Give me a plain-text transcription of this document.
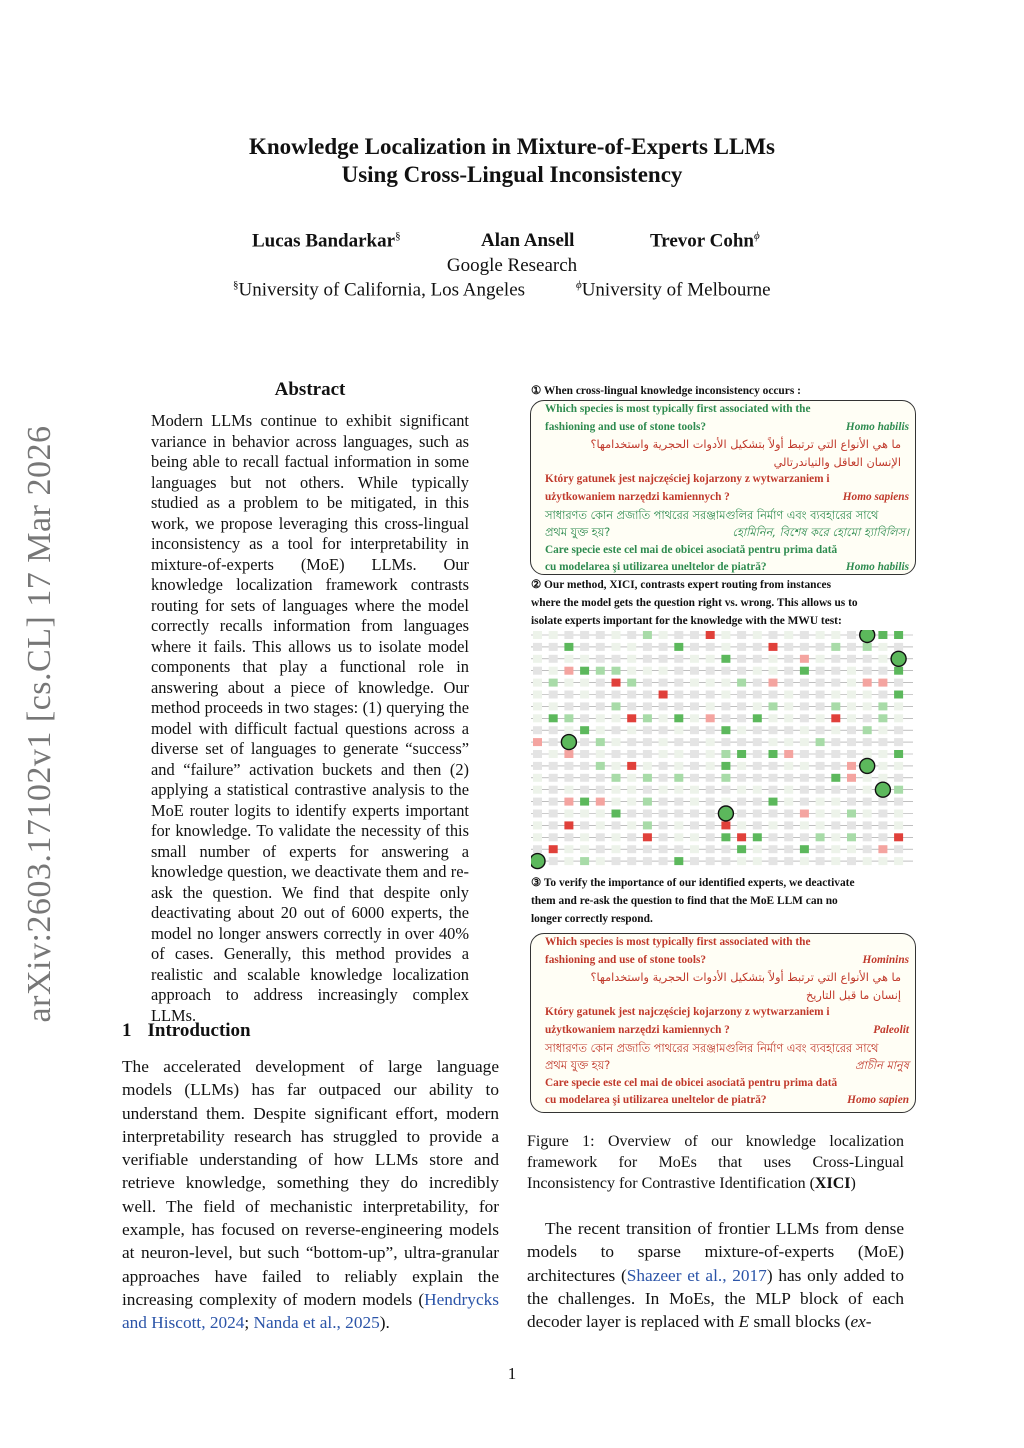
Knowledge Localization in Mixture-of-Experts LLMs
Using Cross-Lingual Inconsistency
Lucas Bandarkar§	Alan Ansell	Trevor Cohn$^\phi$
Google Research
§University of California, Los Angeles	$^\phi$University of Melbourne
arXiv:2603.17102v1 [cs.CL] 17 Mar 2026
Abstract
Modern LLMs continue to exhibit significant variance in behavior across languages, such as being able to recall factual information in some languages but not others. While typically studied as a problem to be mitigated, in this work, we propose leveraging this cross-lingual inconsistency as a tool for interpretability in mixture-of-experts (MoE) LLMs. Our knowledge localization framework contrasts routing for sets of languages where the model correctly recalls information from languages where it fails. This allows us to isolate model components that play a functional role in answering about a piece of knowledge. Our method proceeds in two stages: (1) querying the model with difficult factual questions across a diverse set of languages to generate “success” and “failure” activation buckets and then (2) applying a statistical contrastive analysis to the MoE router logits to identify experts important for knowledge. To validate the necessity of this small number of experts for answering a knowledge question, we deactivate them and re-ask the question. We find that despite only deactivating about 20 out of 6000 experts, the model no longer answers correctly in over 40% of cases. Generally, this method provides a realistic and scalable knowledge localization approach to address increasingly complex LLMs.
1 Introduction
The accelerated development of large language models (LLMs) has far outpaced our ability to understand them. Despite significant effort, modern interpretability research has struggled to provide a verifiable understanding of how LLMs store and retrieve knowledge, something they do incredibly well. The field of mechanistic interpretability, for example, has focused on reverse-engineering models at neuron-level, but such “bottom-up”, ultra-granular approaches have failed to reliably explain the increasing complexity of modern models (Hendrycks and Hiscott, 2024; Nanda et al., 2025).
① When cross-lingual knowledge inconsistency occurs :
Which species is most typically first associated with the
fashioning and use of stone tools?	Homo habilis
ما هي الأنواع التي ترتبط أولاً بتشكيل الأدوات الحجرية واستخدامها؟
الإنسان العاقل والنياندرتالي
Który gatunek jest najczęściej kojarzony z wytwarzaniem i
użytkowaniem narzędzi kamiennych ?	Homo sapiens
সাধারণত কোন প্রজাতি পাথরের সরঞ্জামগুলির নির্মাণ এবং ব্যবহারের সাথে
প্রথম যুক্ত হয়?	হোমিনিন, বিশেষ করে হোমো হ্যাবিলিস।
Care specie este cel mai de obicei asociată pentru prima dată
cu modelarea şi utilizarea uneltelor de piatră?	Homo habilis
② Our method, XICI, contrasts expert routing from instances
where the model gets the question right vs. wrong. This allows us to
isolate experts important for the knowledge with the MWU test:
③ To verify the importance of our identified experts, we deactivate
them and re-ask the question to find that the MoE LLM can no
longer correctly respond.
Which species is most typically first associated with the
fashioning and use of stone tools?	Hominins
ما هي الأنواع التي ترتبط أولاً بتشكيل الأدوات الحجرية واستخدامها؟
إنسان ما قبل التاريخ
Który gatunek jest najczęściej kojarzony z wytwarzaniem i
użytkowaniem narzędzi kamiennych ?	Paleolit
সাধারণত কোন প্রজাতি পাথরের সরঞ্জামগুলির নির্মাণ এবং ব্যবহারের সাথে
প্রথম যুক্ত হয়?	প্রাচীন মানুষ
Care specie este cel mai de obicei asociată pentru prima dată
cu modelarea şi utilizarea uneltelor de piatră?	Homo sapien
Figure 1: Overview of our knowledge localization framework for MoEs that uses Cross-Lingual Inconsistency for Contrastive Identification (XICI)
The recent transition of frontier LLMs from dense models to sparse mixture-of-experts (MoE) architectures (Shazeer et al., 2017) has only added to the challenges. In MoEs, the MLP block of each decoder layer is replaced with E small blocks (ex-
1
